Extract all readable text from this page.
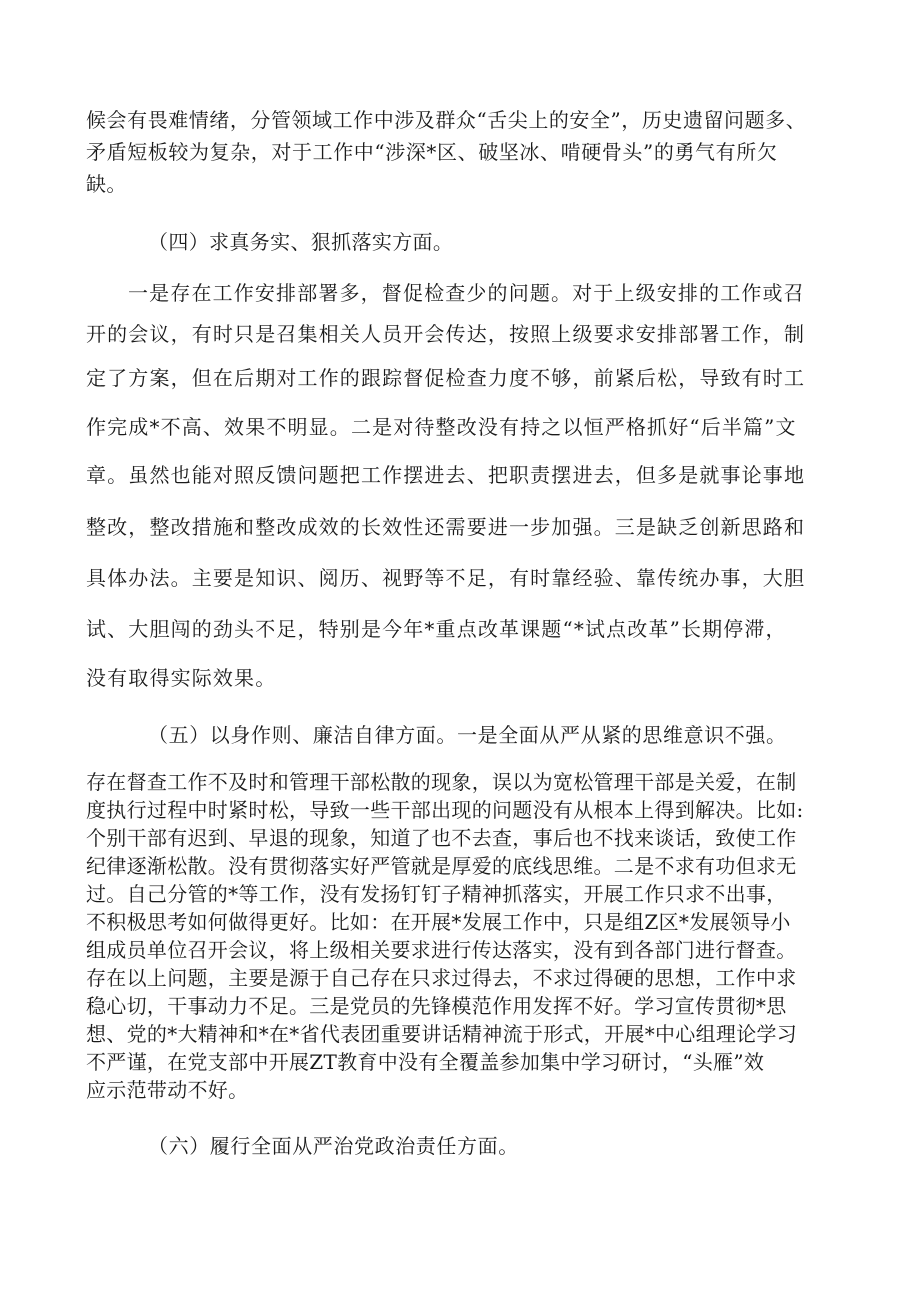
候会有畏难情绪，分管领域工作中涉及群众“舌尖上的安全”，历史遗留问题多、
矛盾短板较为复杂，对于工作中“涉深*区、破坚冰、啃硬骨头”的勇气有所欠
缺。
（四）求真务实、狠抓落实方面。
一是存在工作安排部署多，督促检查少的问题。对于上级安排的工作或召
开的会议，有时只是召集相关人员开会传达，按照上级要求安排部署工作，制
定了方案，但在后期对工作的跟踪督促检查力度不够，前紧后松，导致有时工
作完成*不高、效果不明显。二是对待整改没有持之以恒严格抓好“后半篇”文
章。虽然也能对照反馈问题把工作摆进去、把职责摆进去，但多是就事论事地
整改，整改措施和整改成效的长效性还需要进一步加强。三是缺乏创新思路和
具体办法。主要是知识、阅历、视野等不足，有时靠经验、靠传统办事，大胆
试、大胆闯的劲头不足，特别是今年*重点改革课题“*试点改革”长期停滞，
没有取得实际效果。
（五）以身作则、廉洁自律方面。一是全面从严从紧的思维意识不强。
存在督查工作不及时和管理干部松散的现象，误以为宽松管理干部是关爱，在制
度执行过程中时紧时松，导致一些干部出现的问题没有从根本上得到解决。比如:
个别干部有迟到、早退的现象，知道了也不去查，事后也不找来谈话，致使工作
纪律逐渐松散。没有贯彻落实好严管就是厚爱的底线思维。二是不求有功但求无
过。自己分管的*等工作，没有发扬钉钉子精神抓落实，开展工作只求不出事，
不积极思考如何做得更好。比如：在开展*发展工作中，只是组Z区*发展领导小
组成员单位召开会议，将上级相关要求进行传达落实，没有到各部门进行督查。
存在以上问题，主要是源于自己存在只求过得去，不求过得硬的思想，工作中求
稳心切，干事动力不足。三是党员的先锋模范作用发挥不好。学习宣传贯彻*思
想、党的*大精神和*在*省代表团重要讲话精神流于形式，开展*中心组理论学习
不严谨，在党支部中开展ZT教育中没有全覆盖参加集中学习研讨，“头雁”效
应示范带动不好。
（六）履行全面从严治党政治责任方面。
